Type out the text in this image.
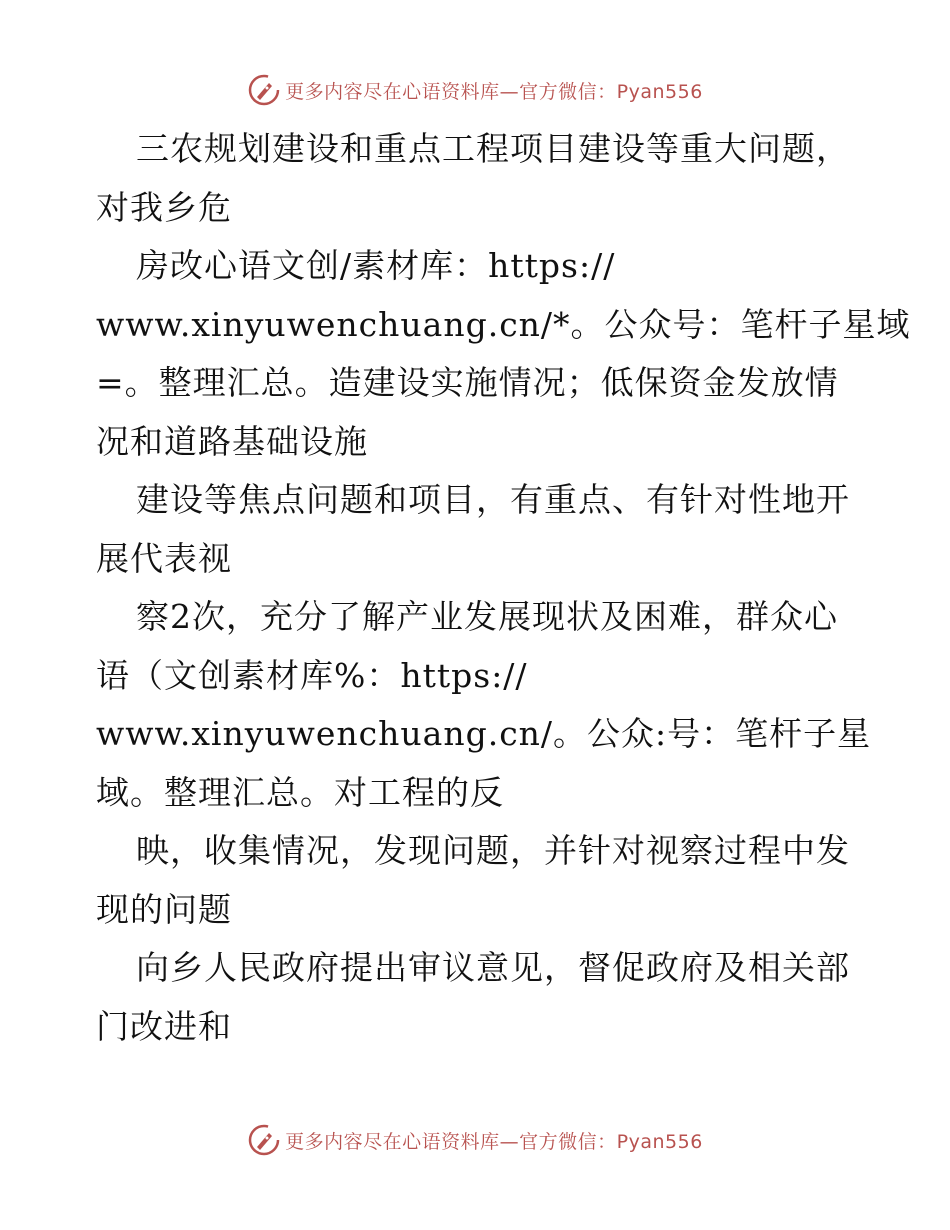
更多内容尽在心语资料库—官方微信：Pyan556
三农规划建设和重点工程项目建设等重大问题，
对我乡危
房改心语文创/素材库：https://
www.xinyuwenchuang.cn/*。公众号：笔杆子星域
=。整理汇总。造建设实施情况；低保资金发放情
况和道路基础设施
建设等焦点问题和项目，有重点、有针对性地开
展代表视
察2次，充分了解产业发展现状及困难，群众心
语（文创素材库%：https://
www.xinyuwenchuang.cn/。公众:号：笔杆子星
域。整理汇总。对工程的反
映，收集情况，发现问题，并针对视察过程中发
现的问题
向乡人民政府提出审议意见，督促政府及相关部
门改进和
更多内容尽在心语资料库—官方微信：Pyan556
